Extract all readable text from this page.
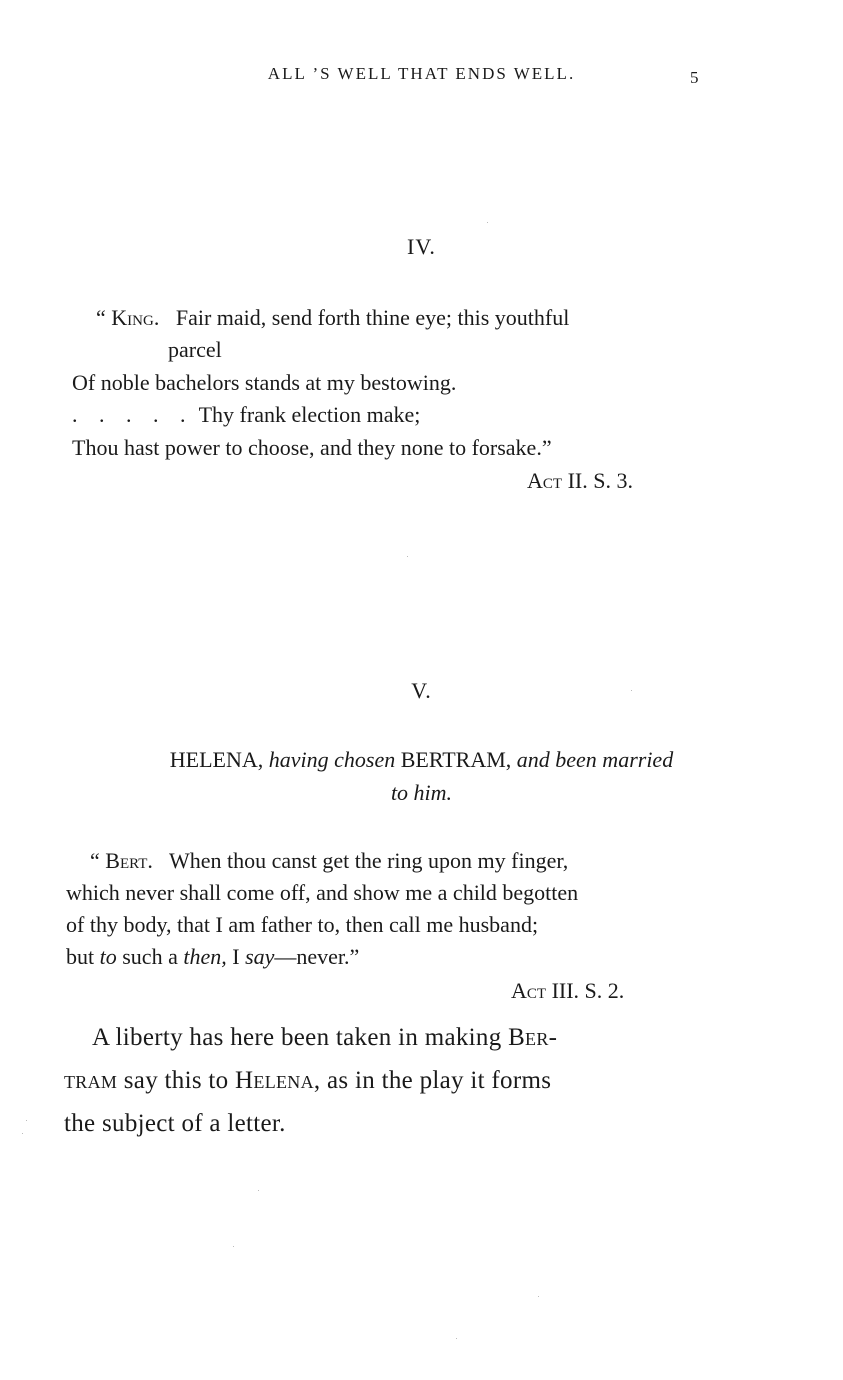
ALL ’S WELL THAT ENDS WELL.	5
IV.
“ King. Fair maid, send forth thine eye; this youthful
parcel
Of noble bachelors stands at my bestowing.
. . . . . Thy frank election make;
Thou hast power to choose, and they none to forsake.”
Act II. S. 3.
V.
HELENA, having chosen BERTRAM, and been married
to him.
“ Bert. When thou canst get the ring upon my finger,
which never shall come off, and show me a child begotten
of thy body, that I am father to, then call me husband;
but to such a then, I say—never.”
Act III. S. 2.
A liberty has here been taken in making Ber-
tram say this to Helena, as in the play it forms
the subject of a letter.
